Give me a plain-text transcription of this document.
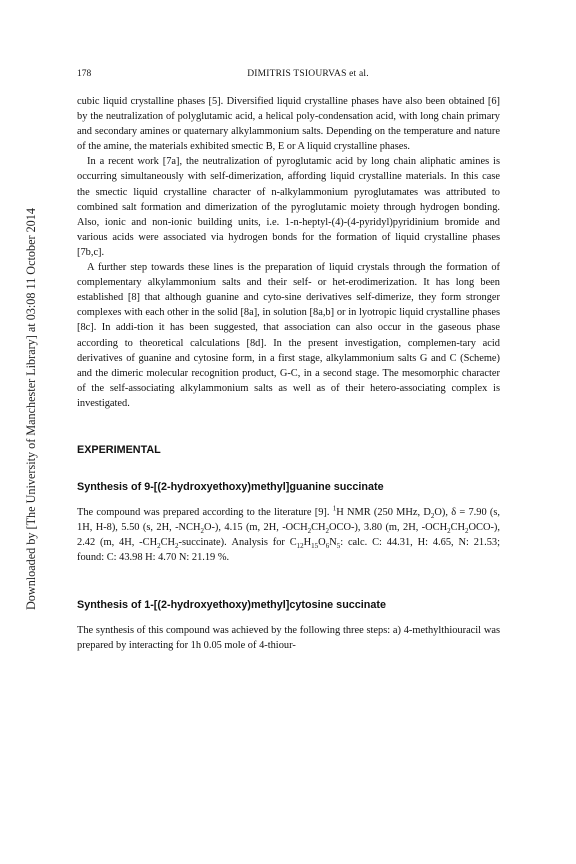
178	DIMITRIS TSIOURVAS et al.
Downloaded by [The University of Manchester Library] at 03:08 11 October 2014

cubic liquid crystalline phases [5]. Diversified liquid crystalline phases have also been obtained [6] by the neutralization of polyglutamic acid, a helical poly-condensation acid, with long chain primary and secondary amines or quaternary alkylammonium salts. Depending on the temperature and nature of the amine, the materials exhibited smectic B, E or A liquid crystalline phases.

In a recent work [7a], the neutralization of pyroglutamic acid by long chain aliphatic amines is occurring simultaneously with self-dimerization, affording liquid crystalline materials. In this case the smectic liquid crystalline character of n-alkylammonium pyroglutamates was attributed to combined salt formation and dimerization of the pyroglutamic moiety through hydrogen bonding. Also, ionic and non-ionic building units, i.e. 1-n-heptyl-(4)-(4-pyridyl)pyridinium bromide and various acids were associated via hydrogen bonds for the formation of liquid crystalline phases [7b,c].

A further step towards these lines is the preparation of liquid crystals through the formation of complementary alkylammonium salts and their self- or het-erodimerization. It has long been established [8] that although guanine and cyto-sine derivatives self-dimerize, they form stronger complexes with each other in the solid [8a], in solution [8a,b] or in lyotropic liquid crystalline phases [8c]. In addi-tion it has been suggested, that association can also occur in the gaseous phase according to theoretical calculations [8d]. In the present investigation, complemen-tary acid derivatives of guanine and cytosine form, in a first stage, alkylammonium salts G and C (Scheme) and the dimeric molecular recognition product, G-C, in a second stage. The mesomorphic character of the self-associating alkylammonium salts as well as of their hetero-associating complex is investigated.

EXPERIMENTAL
Synthesis of 9-[(2-hydroxyethoxy)methyl]guanine succinate

The compound was prepared according to the literature [9]. $^1$H NMR (250 MHz, $D_2O$), δ = 7.90 (s, 1H, H-8), 5.50 (s, 2H, $-NCH_2O-$), 4.15 (m, 2H, $-OCH_2CH_2OCO-$), 3.80 (m, 2H, $-OCH_2CH_2OCO-$), 2.42 (m, 4H, $-CH_2CH_2-succinate$). Analysis for $C_{12}H_{15}O_6N_5$: calc. C: 44.31, H: 4.65, N: 21.53; found: C: 43.98 H: 4.70 N: 21.19 %.

Synthesis of 1-[(2-hydroxyethoxy)methyl]cytosine succinate

The synthesis of this compound was achieved by the following three steps: a) 4-methylthiouracil was prepared by interacting for 1h 0.05 mole of 4-thiour-
